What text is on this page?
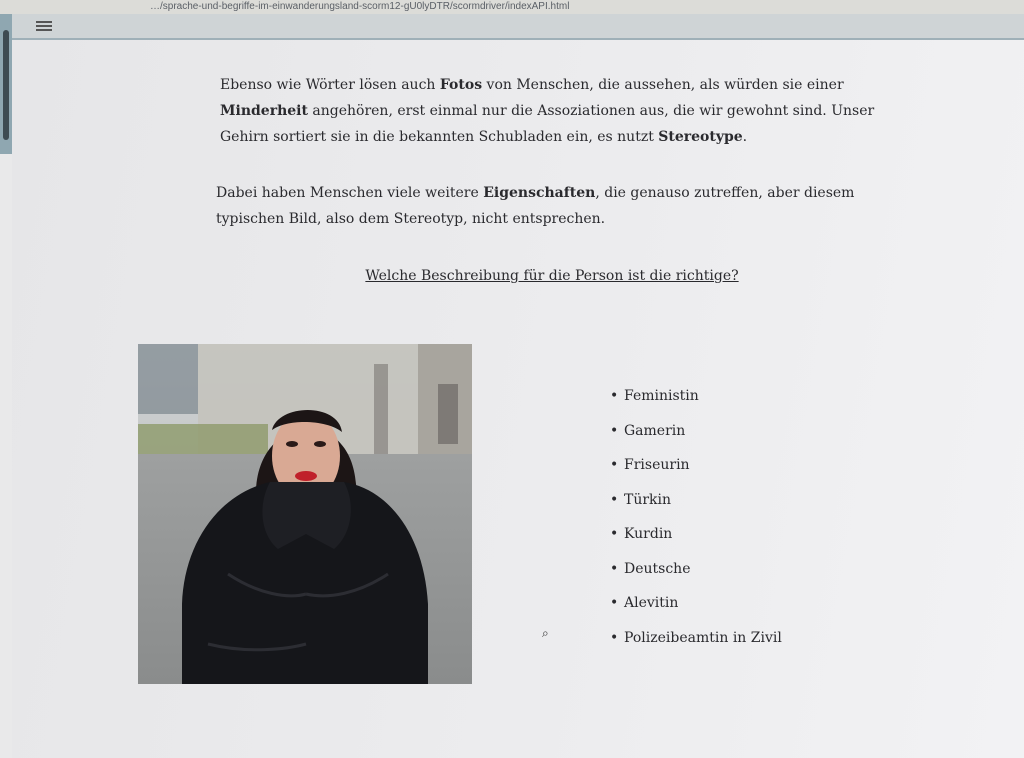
…/sprache-und-begriffe-im-einwanderungsland-scorm12-gU0lyDTR/scormdriver/indexAPI.html

Ebenso wie Wörter lösen auch Fotos von Menschen, die aussehen, als würden sie einer Minderheit angehören, erst einmal nur die Assoziationen aus, die wir gewohnt sind. Unser Gehirn sortiert sie in die bekannten Schubladen ein, es nutzt Stereotype.

Dabei haben Menschen viele weitere Eigenschaften, die genauso zutreffen, aber diesem typischen Bild, also dem Stereotyp, nicht entsprechen.

Welche Beschreibung für die Person ist die richtige?
• Feministin
• Gamerin
• Friseurin
• Türkin
• Kurdin
• Deutsche
• Alevitin
• Polizeibeamtin in Zivil
⌕
